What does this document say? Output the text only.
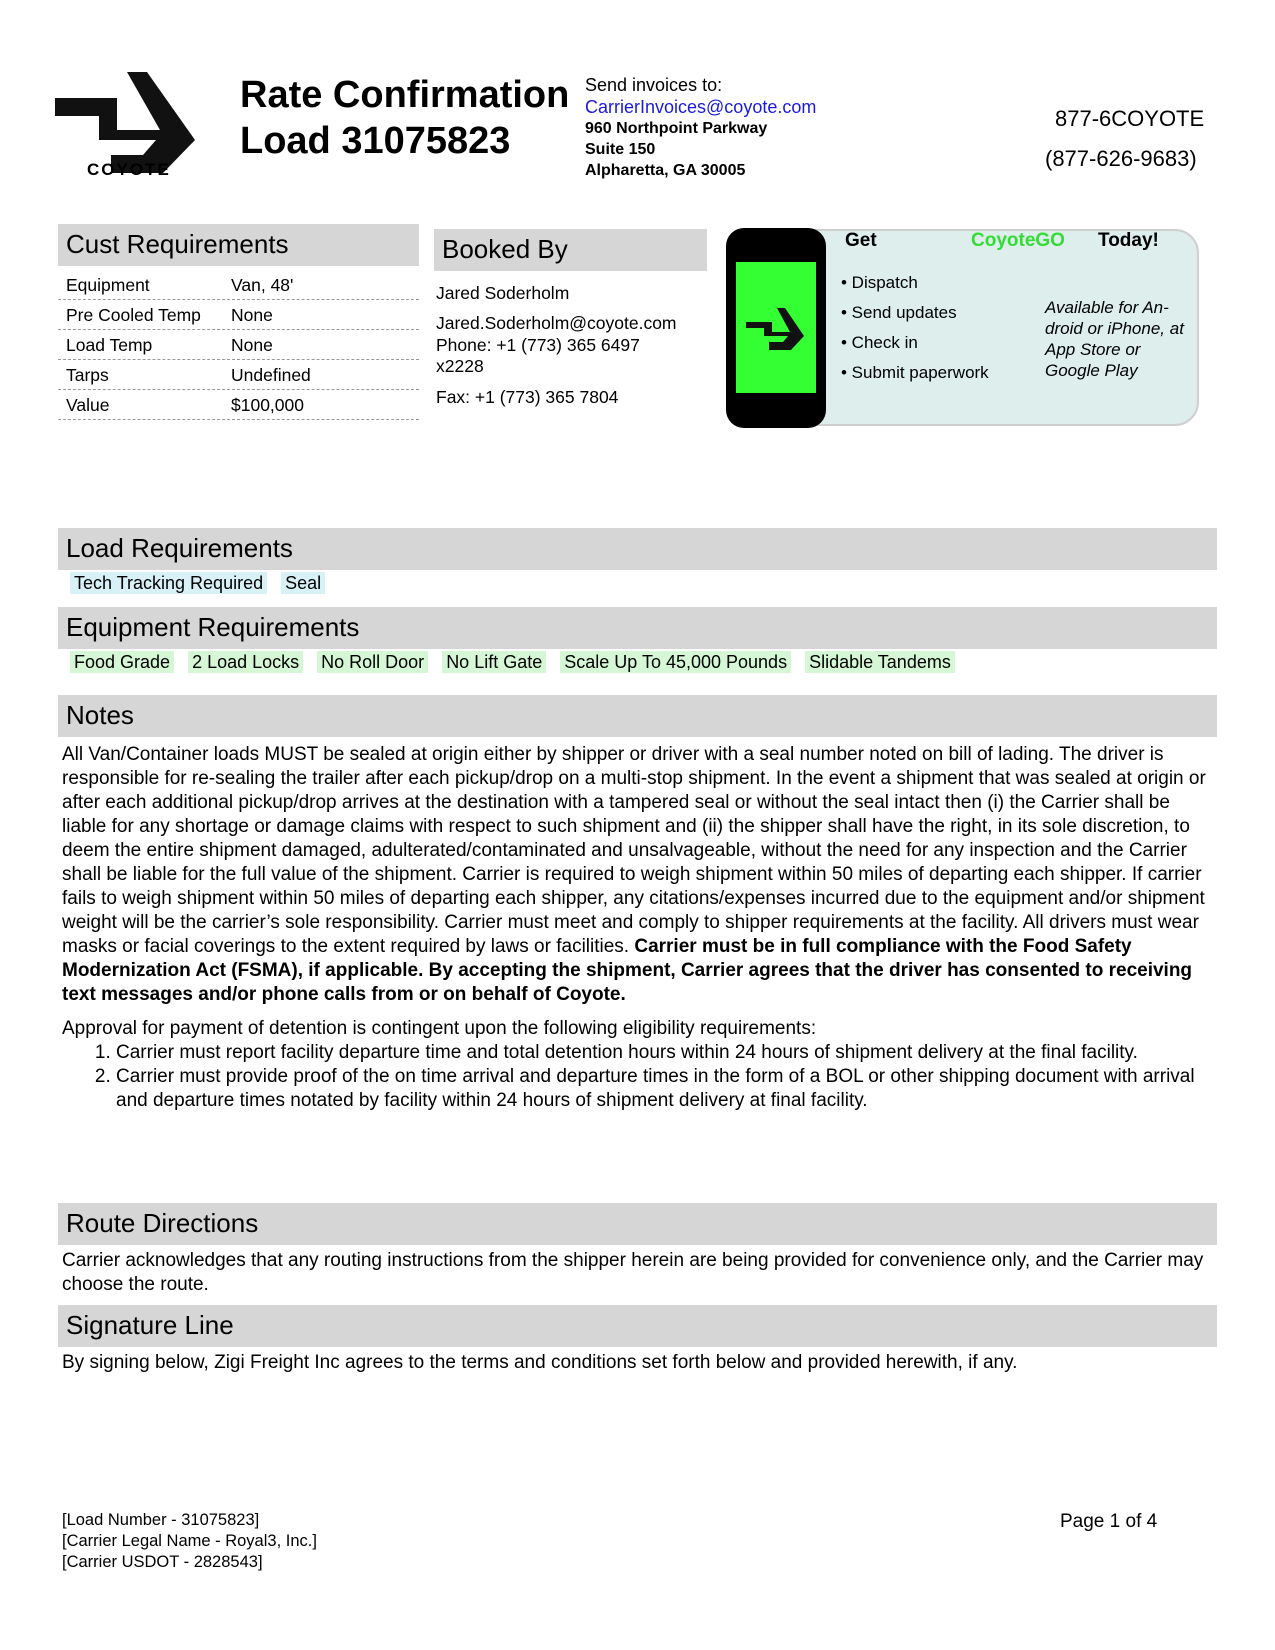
COYOTE
Rate Confirmation
Load 31075823
Send invoices to:
CarrierInvoices@coyote.com
960 Northpoint Parkway
Suite 150
Alpharetta, GA 30005
877-6COYOTE
(877-626-9683)
Cust Requirements
Equipment	Van, 48'
Pre Cooled Temp	None
Load Temp	None
Tarps	Undefined
Value	$100,000
Booked By
Jared Soderholm
Jared.Soderholm@coyote.com
Phone: +1 (773) 365 6497 x2228
Fax: +1 (773) 365 7804
Get	CoyoteGO Today!
• Dispatch
• Send updates
• Check in
• Submit paperwork
Available for An-droid or iPhone, at App Store or Google Play
Load Requirements
Tech Tracking Required Seal
Equipment Requirements
Food Grade 2 Load Locks No Roll Door No Lift Gate Scale Up To 45,000 Pounds Slidable Tandems
Notes
All Van/Container loads MUST be sealed at origin either by shipper or driver with a seal number noted on bill of lading. The driver is responsible for re-sealing the trailer after each pickup/drop on a multi-stop shipment. In the event a shipment that was sealed at origin or after each additional pickup/drop arrives at the destination with a tampered seal or without the seal intact then (i) the Carrier shall be liable for any shortage or damage claims with respect to such shipment and (ii) the shipper shall have the right, in its sole discretion, to deem the entire shipment damaged, adulterated/contaminated and unsalvageable, without the need for any inspection and the Carrier shall be liable for the full value of the shipment. Carrier is required to weigh shipment within 50 miles of departing each shipper. If carrier fails to weigh shipment within 50 miles of departing each shipper, any citations/expenses incurred due to the equipment and/or shipment weight will be the carrier’s sole responsibility. Carrier must meet and comply to shipper requirements at the facility. All drivers must wear masks or facial coverings to the extent required by laws or facilities. Carrier must be in full compliance with the Food Safety Modernization Act (FSMA), if applicable. By accepting the shipment, Carrier agrees that the driver has consented to receiving text messages and/or phone calls from or on behalf of Coyote.
Approval for payment of detention is contingent upon the following eligibility requirements:
1. Carrier must report facility departure time and total detention hours within 24 hours of shipment delivery at the final facility.
2. Carrier must provide proof of the on time arrival and departure times in the form of a BOL or other shipping document with arrival and departure times notated by facility within 24 hours of shipment delivery at final facility.
Route Directions
Carrier acknowledges that any routing instructions from the shipper herein are being provided for convenience only, and the Carrier may choose the route.
Signature Line
By signing below, Zigi Freight Inc agrees to the terms and conditions set forth below and provided herewith, if any.
[Load Number - 31075823]
[Carrier Legal Name - Royal3, Inc.]
[Carrier USDOT - 2828543]
Page 1 of 4
